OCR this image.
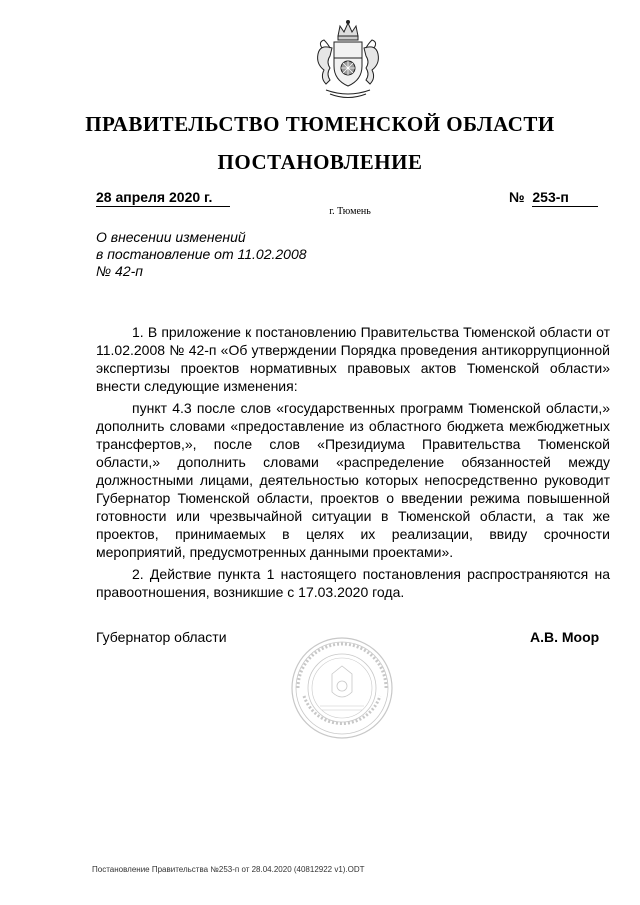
ПРАВИТЕЛЬСТВО ТЮМЕНСКОЙ ОБЛАСТИ
ПОСТАНОВЛЕНИЕ
28 апреля 2020 г.	№ 253-п
г. Тюмень
О внесении изменений
в постановление от 11.02.2008
№ 42-п

1. В приложение к постановлению Правительства Тюменской области от 11.02.2008 № 42-п «Об утверждении Порядка проведения антикоррупционной экспертизы проектов нормативных правовых актов Тюменской области» внести следующие изменения:

пункт 4.3 после слов «государственных программ Тюменской области,» дополнить словами «предоставление из областного бюджета межбюджетных трансфертов,», после слов «Президиума Правительства Тюменской области,» дополнить словами «распределение обязанностей между должностными лицами, деятельностью которых непосредственно руководит Губернатор Тюменской области, проектов о введении режима повышенной готовности или чрезвычайной ситуации в Тюменской области, а так же проектов, принимаемых в целях их реализации, ввиду срочности мероприятий, предусмотренных данными проектами».

2. Действие пункта 1 настоящего постановления распространяются на правоотношения, возникшие с 17.03.2020 года.

Губернатор области	А.В. Моор
Постановление Правительства №253-п от 28.04.2020 (40812922 v1).ODT
